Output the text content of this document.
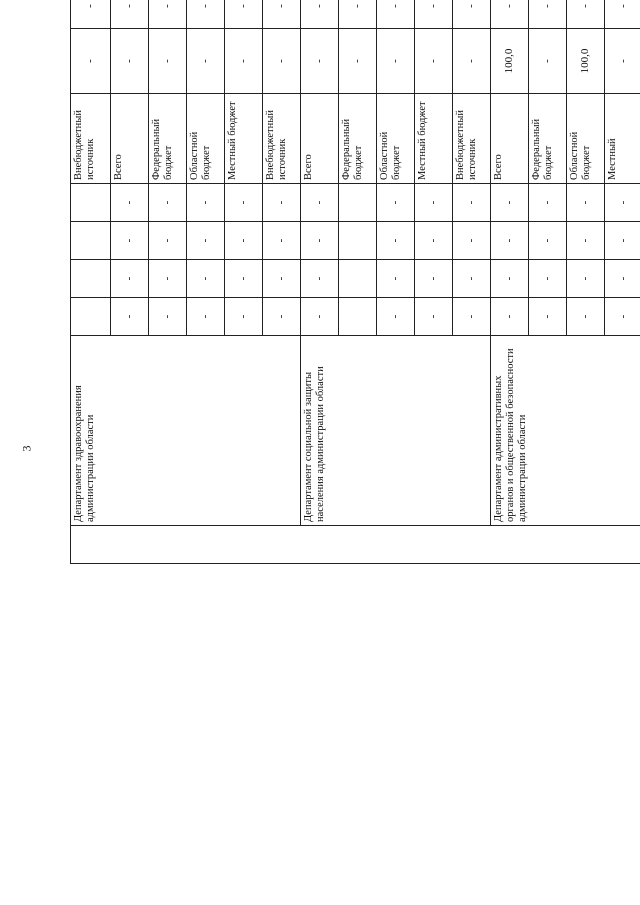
3
		Департамент здравоохранения администрации области					Внебюджетный источник	-	-			
		-	-	-	-	Всего	-	-			
		-	-	-	-	Федеральный бюджет	-	-			
		-	-	-	-	Областной бюджет	-	-			
		-	-	-	-	Местный бюджет	-	-			
		-	-	-	-	Внебюджетный источник	-	-			
	Департамент социальной защиты населения администрации области	-	-	-	-	Всего	-	-			
						Федеральный бюджет	-	-			
		-	-	-	-	Областной бюджет	-	-			
		-	-	-	-	Местный бюджет	-	-			
		-	-	-	-	Внебюджетный источник	-	-			
	Департамент административных органов и общественной безопасности администрации области	-	-	-	-	Всего	100,0	-			
		-	-	-	-	Федеральный бюджет	-	-			
		-	-	-	-	Областной бюджет	100,0	-			
		-	-	-	-	Местный	-	-			
